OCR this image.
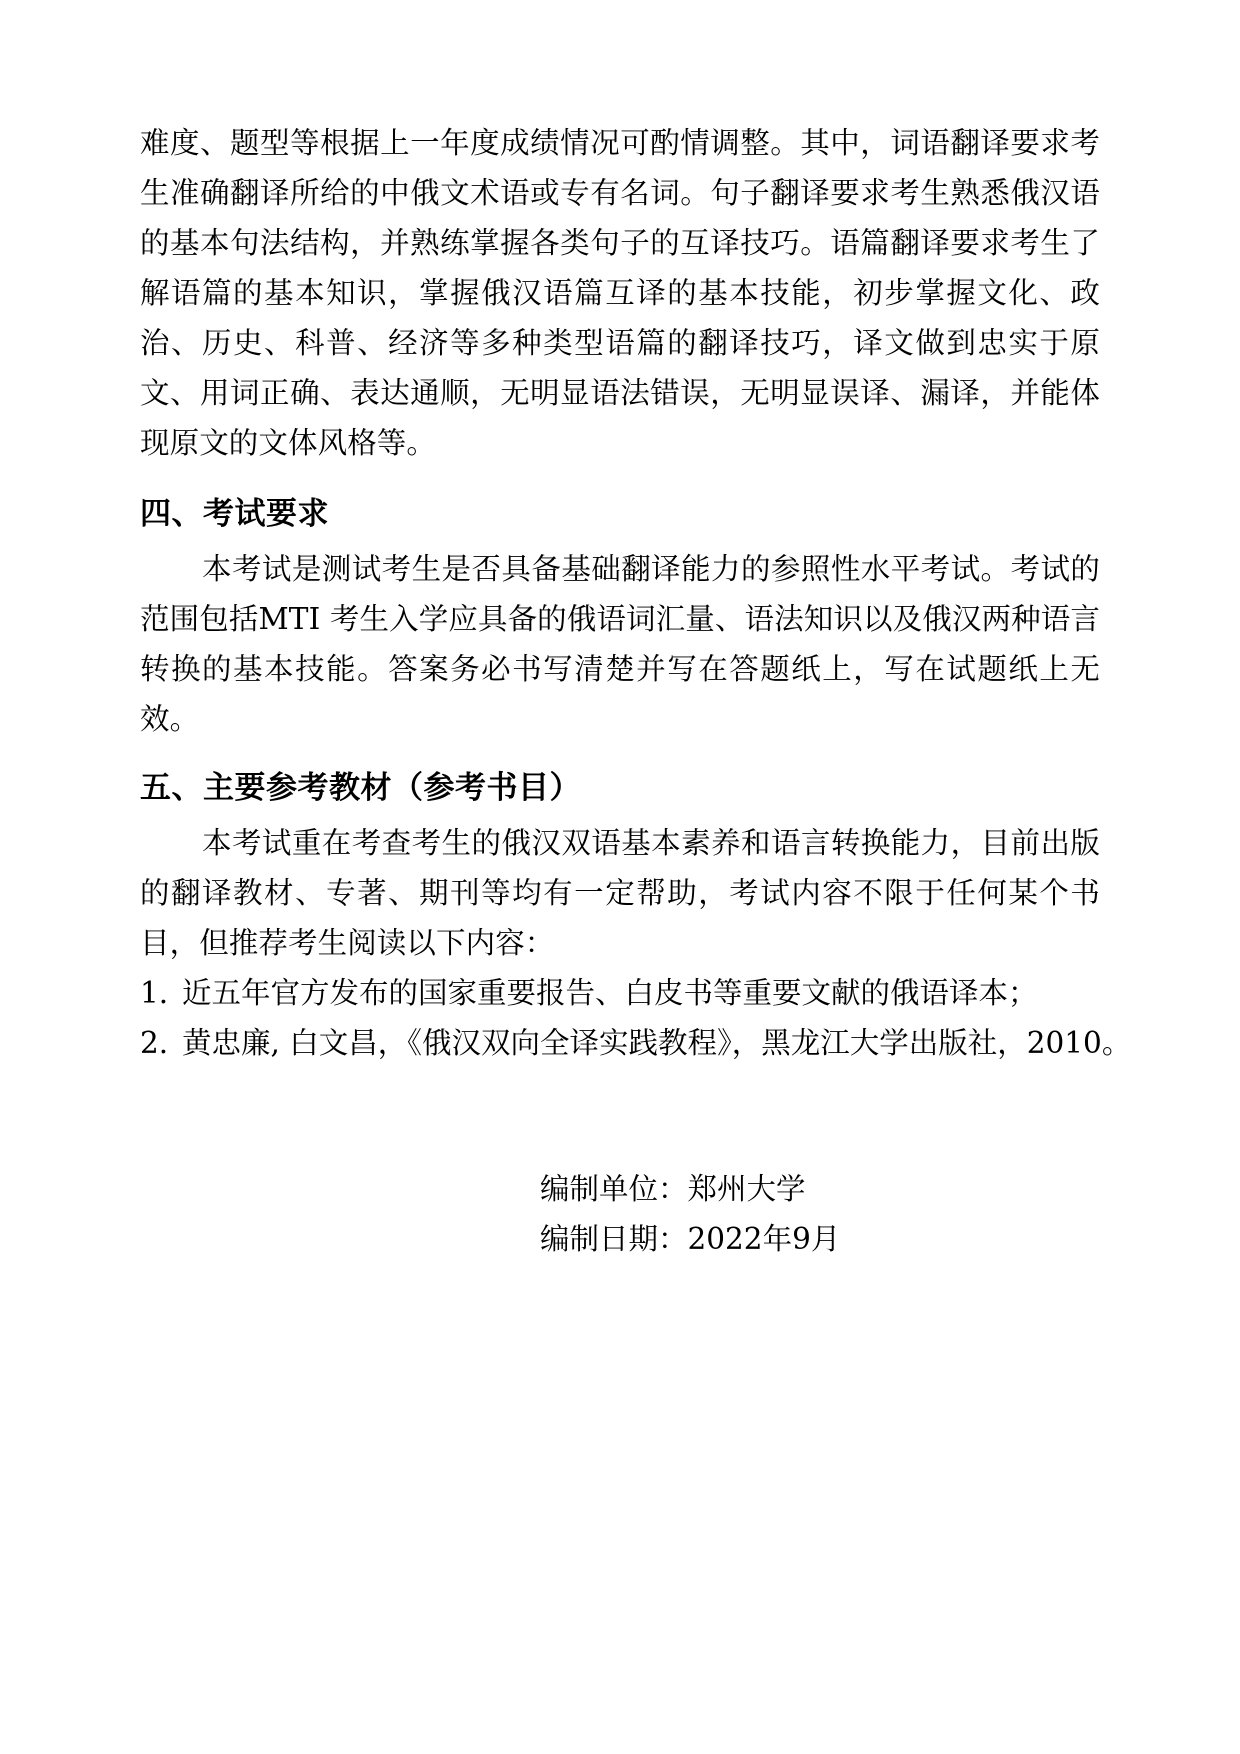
难度、题型等根据上一年度成绩情况可酌情调整。其中，词语翻译要求考生准确翻译所给的中俄文术语或专有名词。句子翻译要求考生熟悉俄汉语的基本句法结构，并熟练掌握各类句子的互译技巧。语篇翻译要求考生了解语篇的基本知识，掌握俄汉语篇互译的基本技能，初步掌握文化、政治、历史、科普、经济等多种类型语篇的翻译技巧，译文做到忠实于原文、用词正确、表达通顺，无明显语法错误，无明显误译、漏译，并能体现原文的文体风格等。

四、考试要求

本考试是测试考生是否具备基础翻译能力的参照性水平考试。考试的范围包括MTI 考生入学应具备的俄语词汇量、语法知识以及俄汉两种语言转换的基本技能。答案务必书写清楚并写在答题纸上，写在试题纸上无效。

五、主要参考教材（参考书目）

本考试重在考查考生的俄汉双语基本素养和语言转换能力，目前出版的翻译教材、专著、期刊等均有一定帮助，考试内容不限于任何某个书目，但推荐考生阅读以下内容：

1. 近五年官方发布的国家重要报告、白皮书等重要文献的俄语译本；
2. 黄忠廉, 白文昌，《俄汉双向全译实践教程》，黑龙江大学出版社，2010。

编制单位：郑州大学

编制日期：2022年9月
